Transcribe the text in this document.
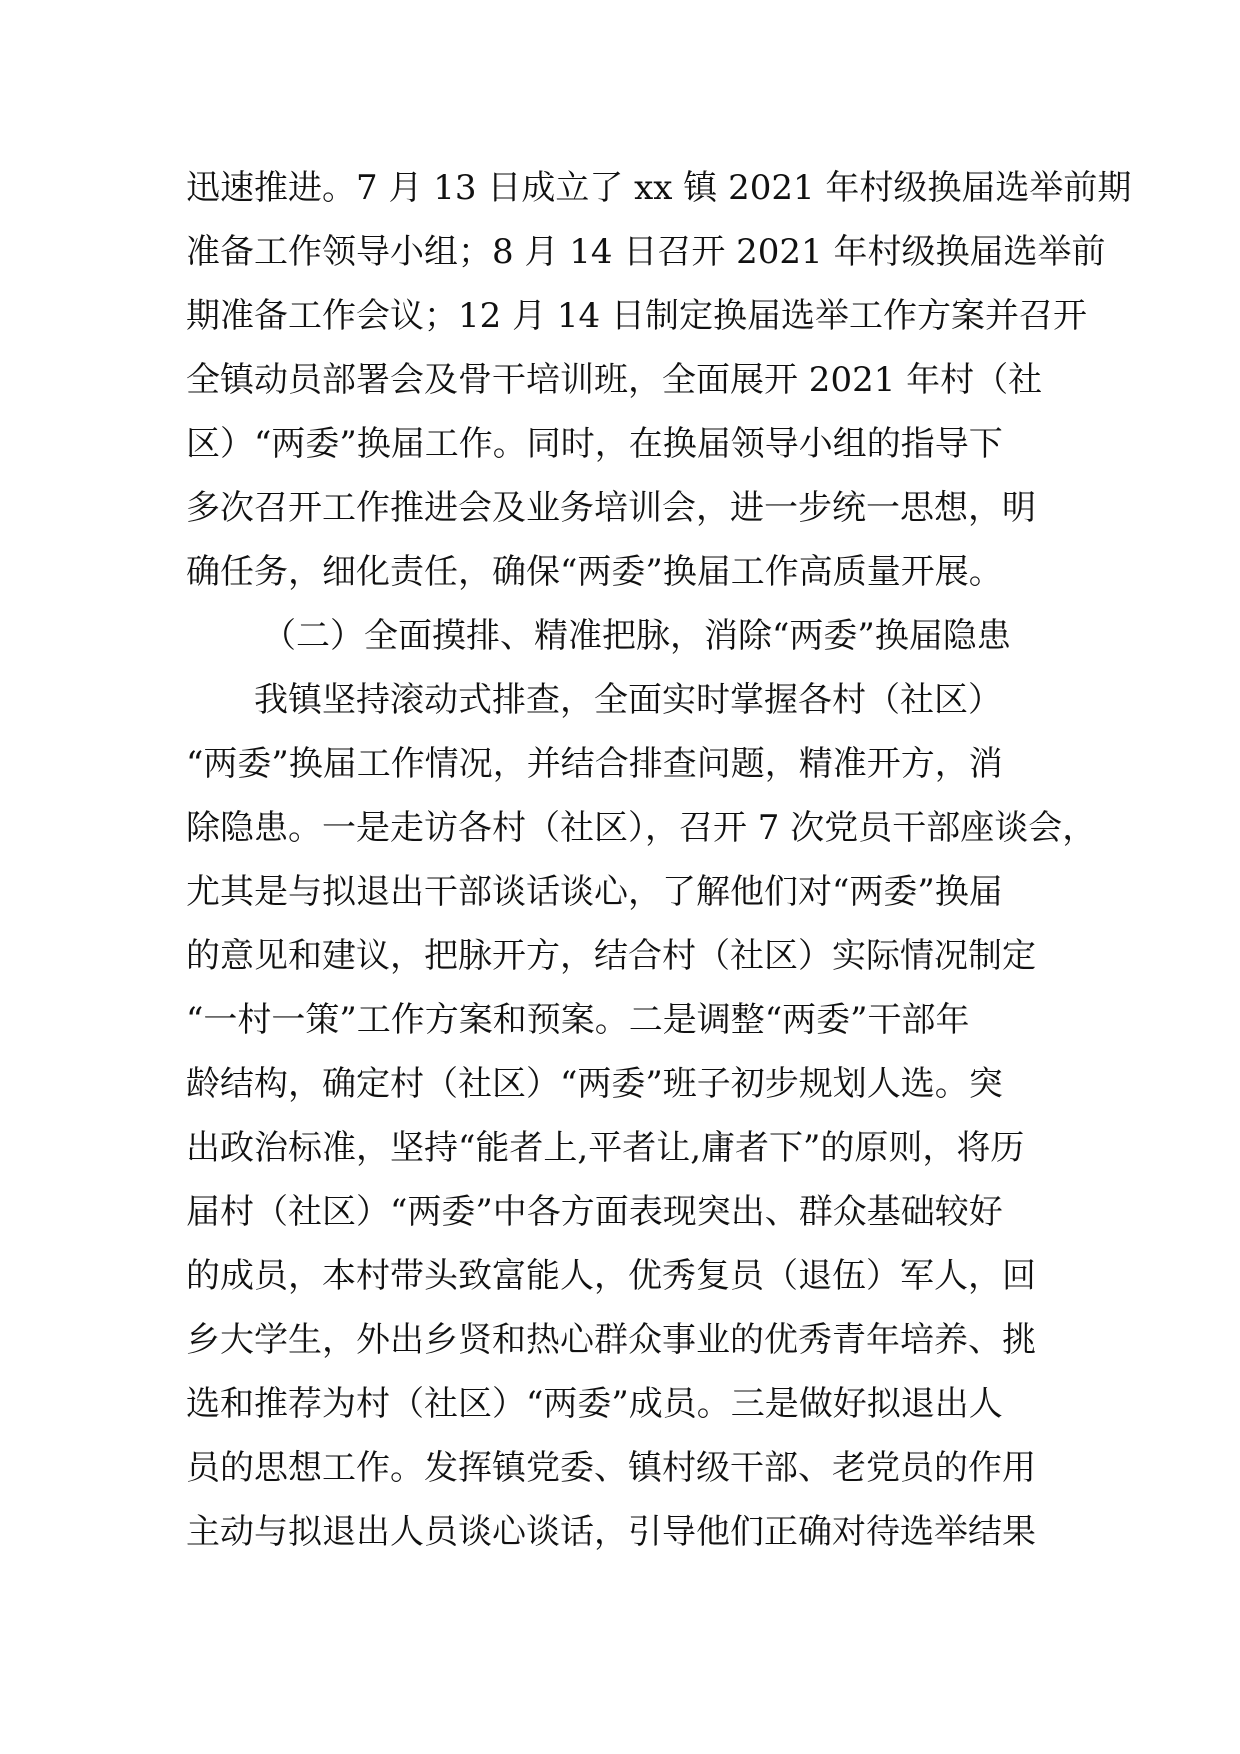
迅速推进。7 月 13 日成立了 xx 镇 2021 年村级换届选举前期
准备工作领导小组；8 月 14 日召开 2021 年村级换届选举前
期准备工作会议；12 月 14 日制定换届选举工作方案并召开
全镇动员部署会及骨干培训班，全面展开 2021 年村（社
区）“两委”换届工作。同时，在换届领导小组的指导下
多次召开工作推进会及业务培训会，进一步统一思想，明
确任务，细化责任，确保“两委”换届工作高质量开展。
（二）全面摸排、精准把脉，消除“两委”换届隐患
我镇坚持滚动式排查，全面实时掌握各村（社区）
“两委”换届工作情况，并结合排查问题，精准开方，消
除隐患。一是走访各村（社区），召开 7 次党员干部座谈会，
尤其是与拟退出干部谈话谈心，了解他们对“两委”换届
的意见和建议，把脉开方，结合村（社区）实际情况制定
“一村一策”工作方案和预案。二是调整“两委”干部年
龄结构，确定村（社区）“两委”班子初步规划人选。突
出政治标准，坚持“能者上,平者让,庸者下”的原则，将历
届村（社区）“两委”中各方面表现突出、群众基础较好
的成员，本村带头致富能人，优秀复员（退伍）军人，回
乡大学生，外出乡贤和热心群众事业的优秀青年培养、挑
选和推荐为村（社区）“两委”成员。三是做好拟退出人
员的思想工作。发挥镇党委、镇村级干部、老党员的作用
主动与拟退出人员谈心谈话，引导他们正确对待选举结果
